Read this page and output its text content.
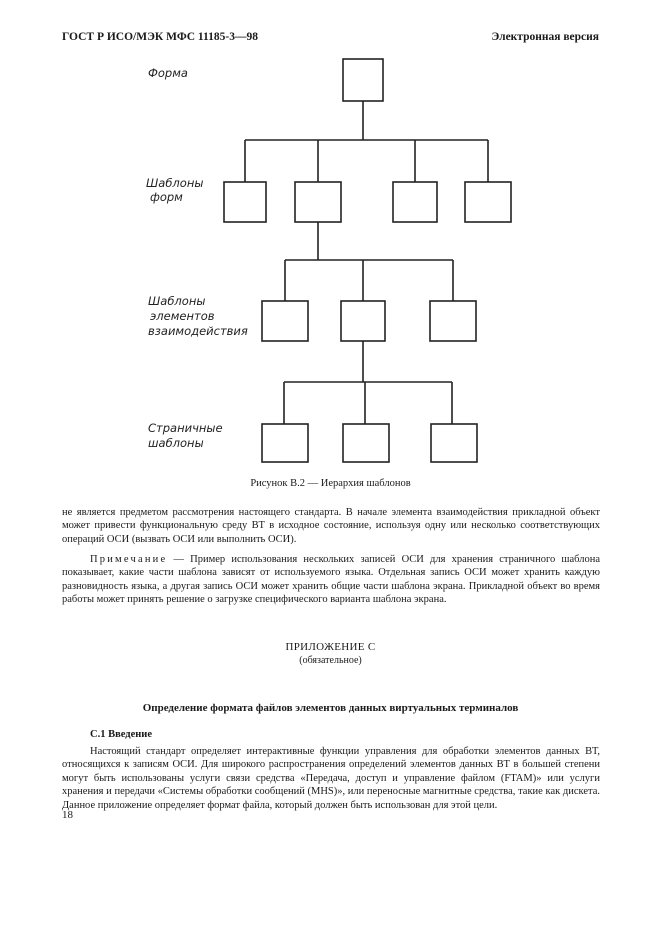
ГОСТ Р ИСО/МЭК МФС 11185-3—98	Электронная версия
Форма
Шаблоны
форм
Шаблоны
элементов
взаимодействия
Страничные
шаблоны
Рисунок B.2 — Иерархия шаблонов

не является предметом рассмотрения настоящего стандарта. В начале элемента взаимодействия прикладной объект может привести функциональную среду ВТ в исходное состояние, используя одну или несколько соответствующих операций ОСИ (вызвать ОСИ или выполнить ОСИ).

Примечание — Пример использования нескольких записей ОСИ для хранения страничного шаблона показывает, какие части шаблона зависят от используемого языка. Отдельная запись ОСИ может хранить каждую разновидность языка, а другая запись ОСИ может хранить общие части шаблона экрана. Прикладной объект во время работы может принять решение о загрузке специфического варианта шаблона экрана.

ПРИЛОЖЕНИЕ С

(обязательное)

Определение формата файлов элементов данных виртуальных терминалов

С.1 Введение

Настоящий стандарт определяет интерактивные функции управления для обработки элементов данных ВТ, относящихся к записям ОСИ. Для широкого распространения определений элементов данных ВТ в большей степени могут быть использованы услуги связи средства «Передача, доступ и управление файлом (FTAM)» или услуги хранения и передачи «Системы обработки сообщений (MHS)», или переносные магнитные средства, такие как дискета. Данное приложение определяет формат файла, который должен быть использован для этой цели.

18
